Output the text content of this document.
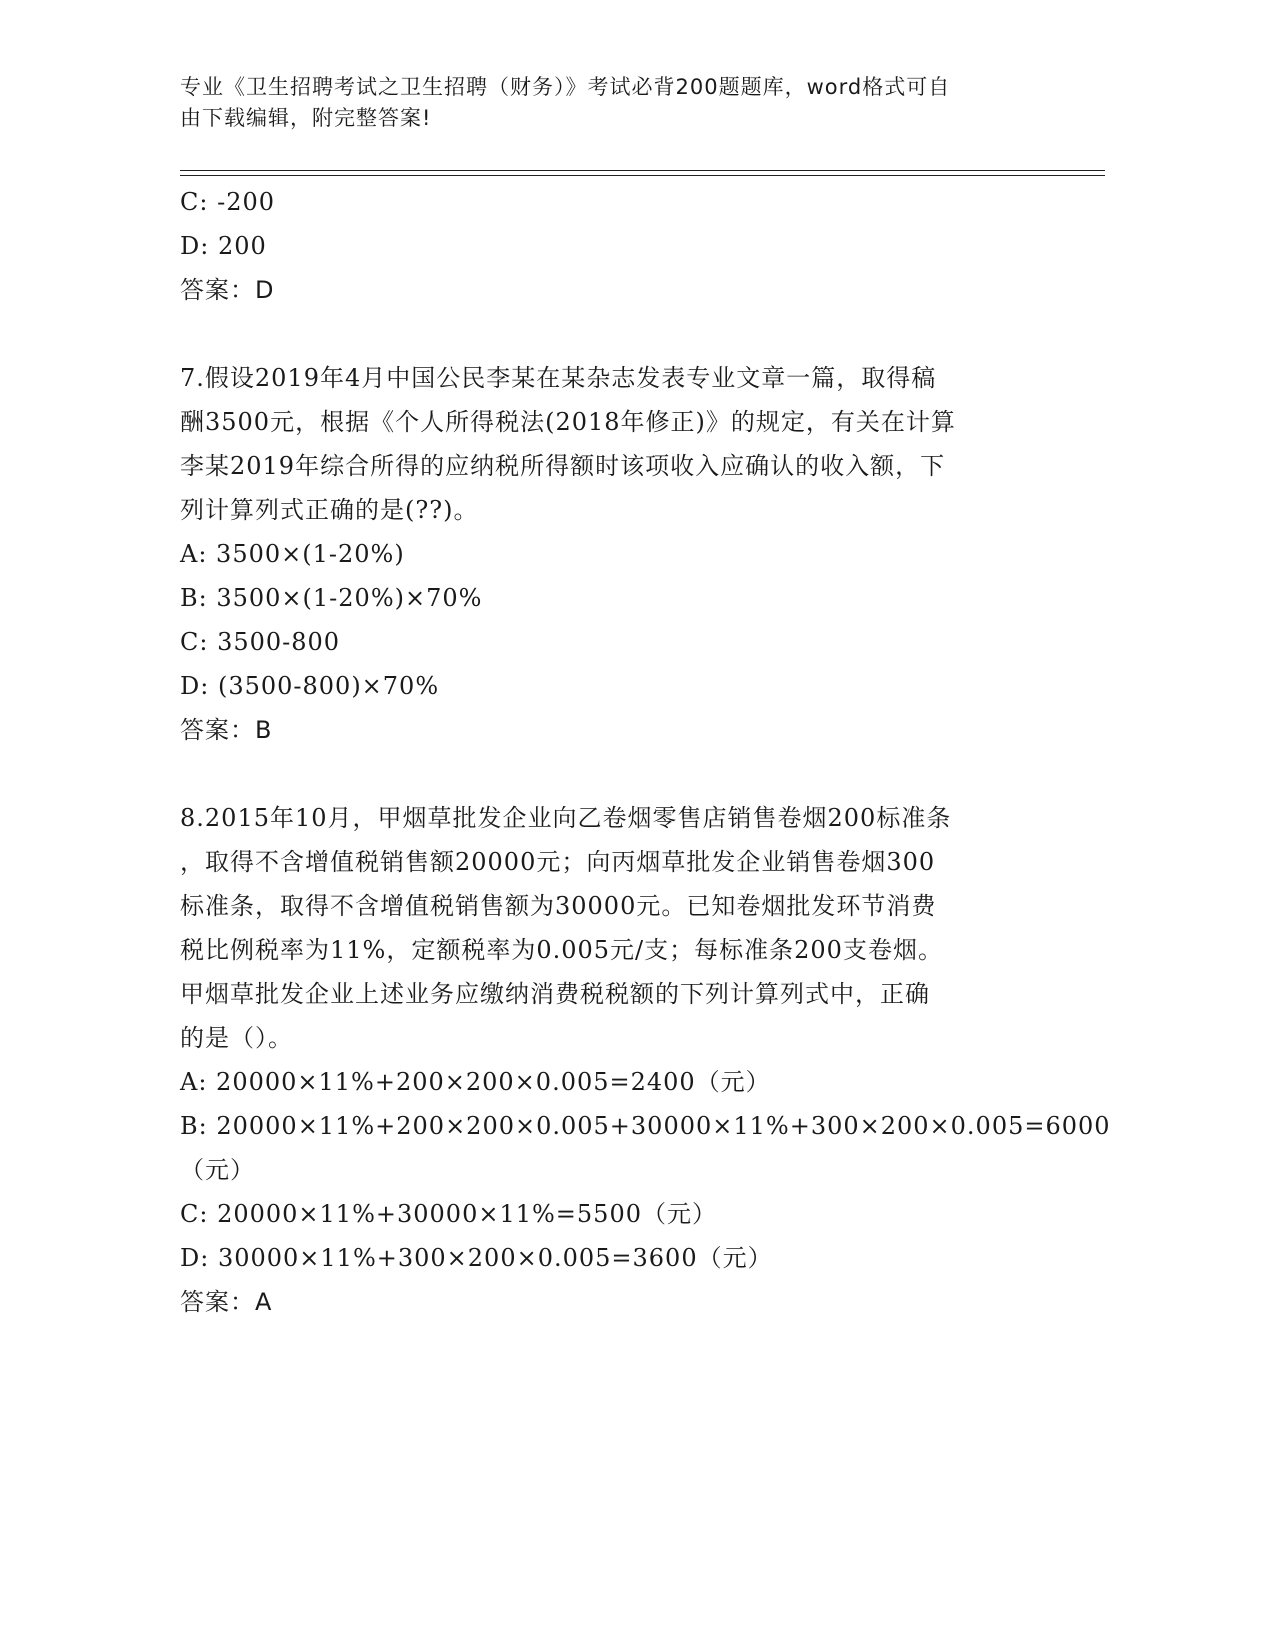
专业《卫生招聘考试之卫生招聘（财务）》考试必背200题题库，word格式可自
由下载编辑，附完整答案!
C: -200
D: 200
答案：D
7.假设2019年4月中国公民李某在某杂志发表专业文章一篇，取得稿
酬3500元，根据《个人所得税法(2018年修正)》的规定，有关在计算
李某2019年综合所得的应纳税所得额时该项收入应确认的收入额，下
列计算列式正确的是(??)。
A: 3500×(1-20%)
B: 3500×(1-20%)×70%
C: 3500-800
D: (3500-800)×70%
答案：B
8.2015年10月，甲烟草批发企业向乙卷烟零售店销售卷烟200标准条
，取得不含增值税销售额20000元；向丙烟草批发企业销售卷烟300
标准条，取得不含增值税销售额为30000元。已知卷烟批发环节消费
税比例税率为11%，定额税率为0.005元/支；每标准条200支卷烟。
甲烟草批发企业上述业务应缴纳消费税税额的下列计算列式中，正确
的是（）。
A: 20000×11%+200×200×0.005=2400（元）
B: 20000×11%+200×200×0.005+30000×11%+300×200×0.005=6000
（元）
C: 20000×11%+30000×11%=5500（元）
D: 30000×11%+300×200×0.005=3600（元）
答案：A
